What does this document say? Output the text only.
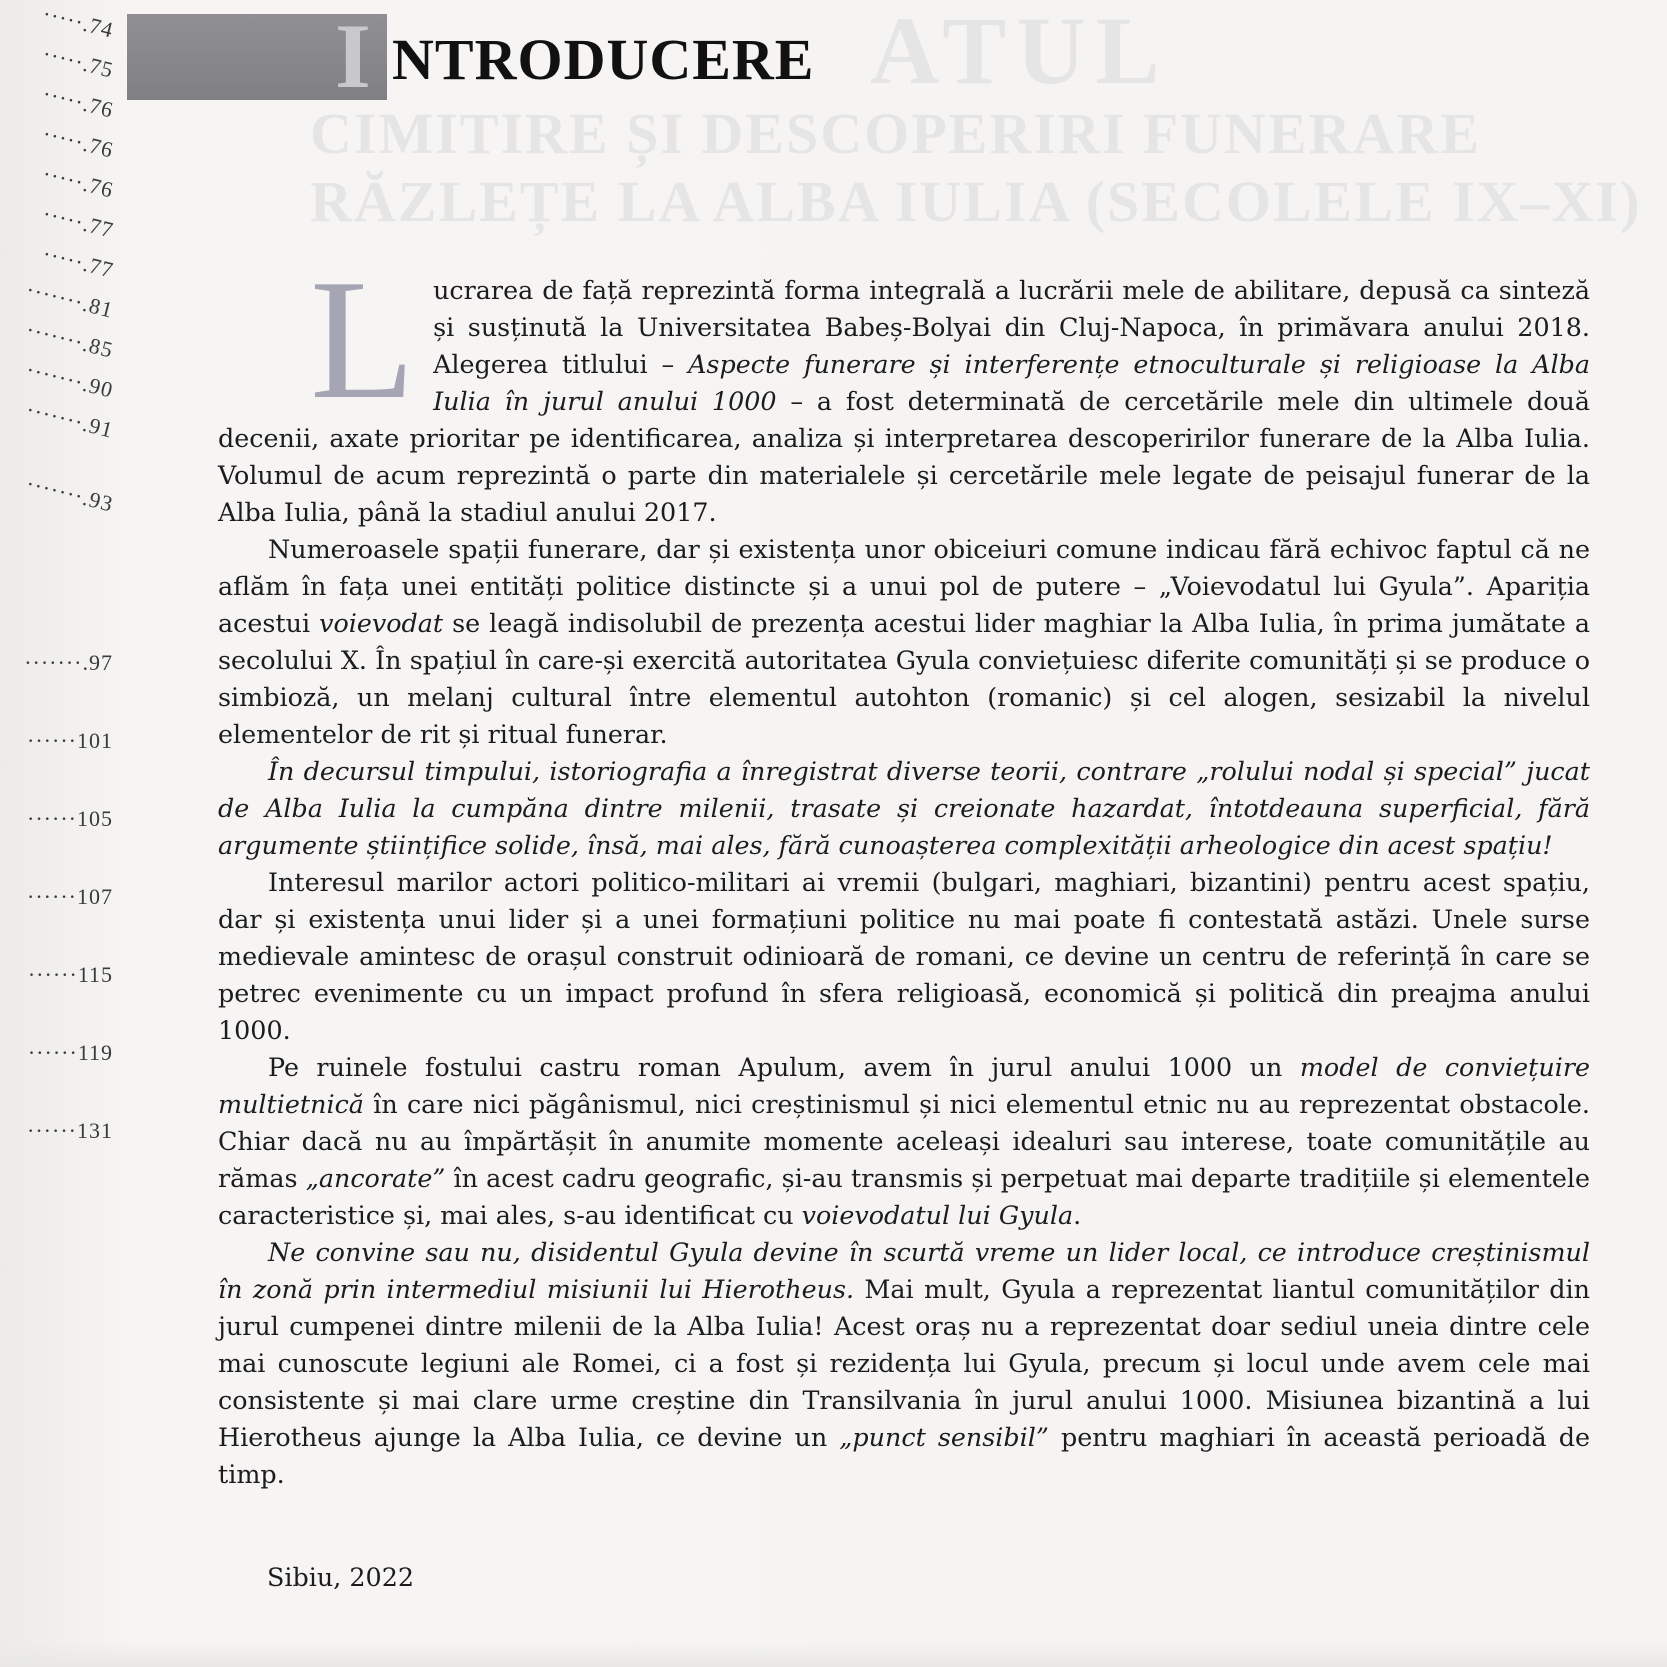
ATUL
CIMITIRE ȘI DESCOPERIRI FUNERARE
RĂZLEȚE LA ALBA IULIA (SECOLELE IX–XI)
·····.74
·····.75
·····.76
·····.76
·····.76
·····.77
·····.77
·······.81
·······.85
·······.90
·······.91
·······.93
·······.97
······101
······105
······107
······115
······119
······131
I NTRODUCERE

Lucrarea de față reprezintă forma integrală a lucrării mele de abilitare, depusă ca sinteză și susținută la Universitatea Babeș-Bolyai din Cluj-Napoca, în primăvara anului 2018. Alegerea titlului – Aspecte funerare și interferențe etnoculturale și religioase la Alba Iulia în jurul anului 1000 – a fost determinată de cercetările mele din ultimele două decenii, axate prioritar pe identificarea, analiza și interpretarea descoperirilor funerare de la Alba Iulia. Volumul de acum reprezintă o parte din materialele și cercetările mele legate de peisajul funerar de la Alba Iulia, până la stadiul anului 2017.

Numeroasele spații funerare, dar și existența unor obiceiuri comune indicau fără echivoc faptul că ne aflăm în fața unei entități politice distincte și a unui pol de putere – „Voievodatul lui Gyula”. Apariția acestui voievodat se leagă indisolubil de prezența acestui lider maghiar la Alba Iulia, în prima jumătate a secolului X. În spațiul în care-și exercită autoritatea Gyula conviețuiesc diferite comunități și se produce o simbioză, un melanj cultural între elementul autohton (romanic) și cel alogen, sesizabil la nivelul elementelor de rit și ritual funerar.

În decursul timpului, istoriografia a înregistrat diverse teorii, contrare „rolului nodal și special” jucat de Alba Iulia la cumpăna dintre milenii, trasate și creionate hazardat, întotdeauna superficial, fără argumente științifice solide, însă, mai ales, fără cunoașterea complexității arheologice din acest spațiu!

Interesul marilor actori politico-militari ai vremii (bulgari, maghiari, bizantini) pentru acest spațiu, dar și existența unui lider și a unei formațiuni politice nu mai poate fi contestată astăzi. Unele surse medievale amintesc de orașul construit odinioară de romani, ce devine un centru de referință în care se petrec evenimente cu un impact profund în sfera religioasă, economică și politică din preajma anului 1000.

Pe ruinele fostului castru roman Apulum, avem în jurul anului 1000 un model de conviețuire multietnică în care nici păgânismul, nici creștinismul și nici elementul etnic nu au reprezentat obstacole. Chiar dacă nu au împărtășit în anumite momente aceleași idealuri sau interese, toate comunitățile au rămas „ancorate” în acest cadru geografic, și-au transmis și perpetuat mai departe tradițiile și elementele caracteristice și, mai ales, s-au identificat cu voievodatul lui Gyula.

Ne convine sau nu, disidentul Gyula devine în scurtă vreme un lider local, ce introduce creștinismul în zonă prin intermediul misiunii lui Hierotheus. Mai mult, Gyula a reprezentat liantul comunităților din jurul cumpenei dintre milenii de la Alba Iulia! Acest oraș nu a reprezentat doar sediul uneia dintre cele mai cunoscute legiuni ale Romei, ci a fost și rezidența lui Gyula, precum și locul unde avem cele mai consistente și mai clare urme creștine din Transilvania în jurul anului 1000. Misiunea bizantină a lui Hierotheus ajunge la Alba Iulia, ce devine un „punct sensibil” pentru maghiari în această perioadă de timp.

Sibiu, 2022
